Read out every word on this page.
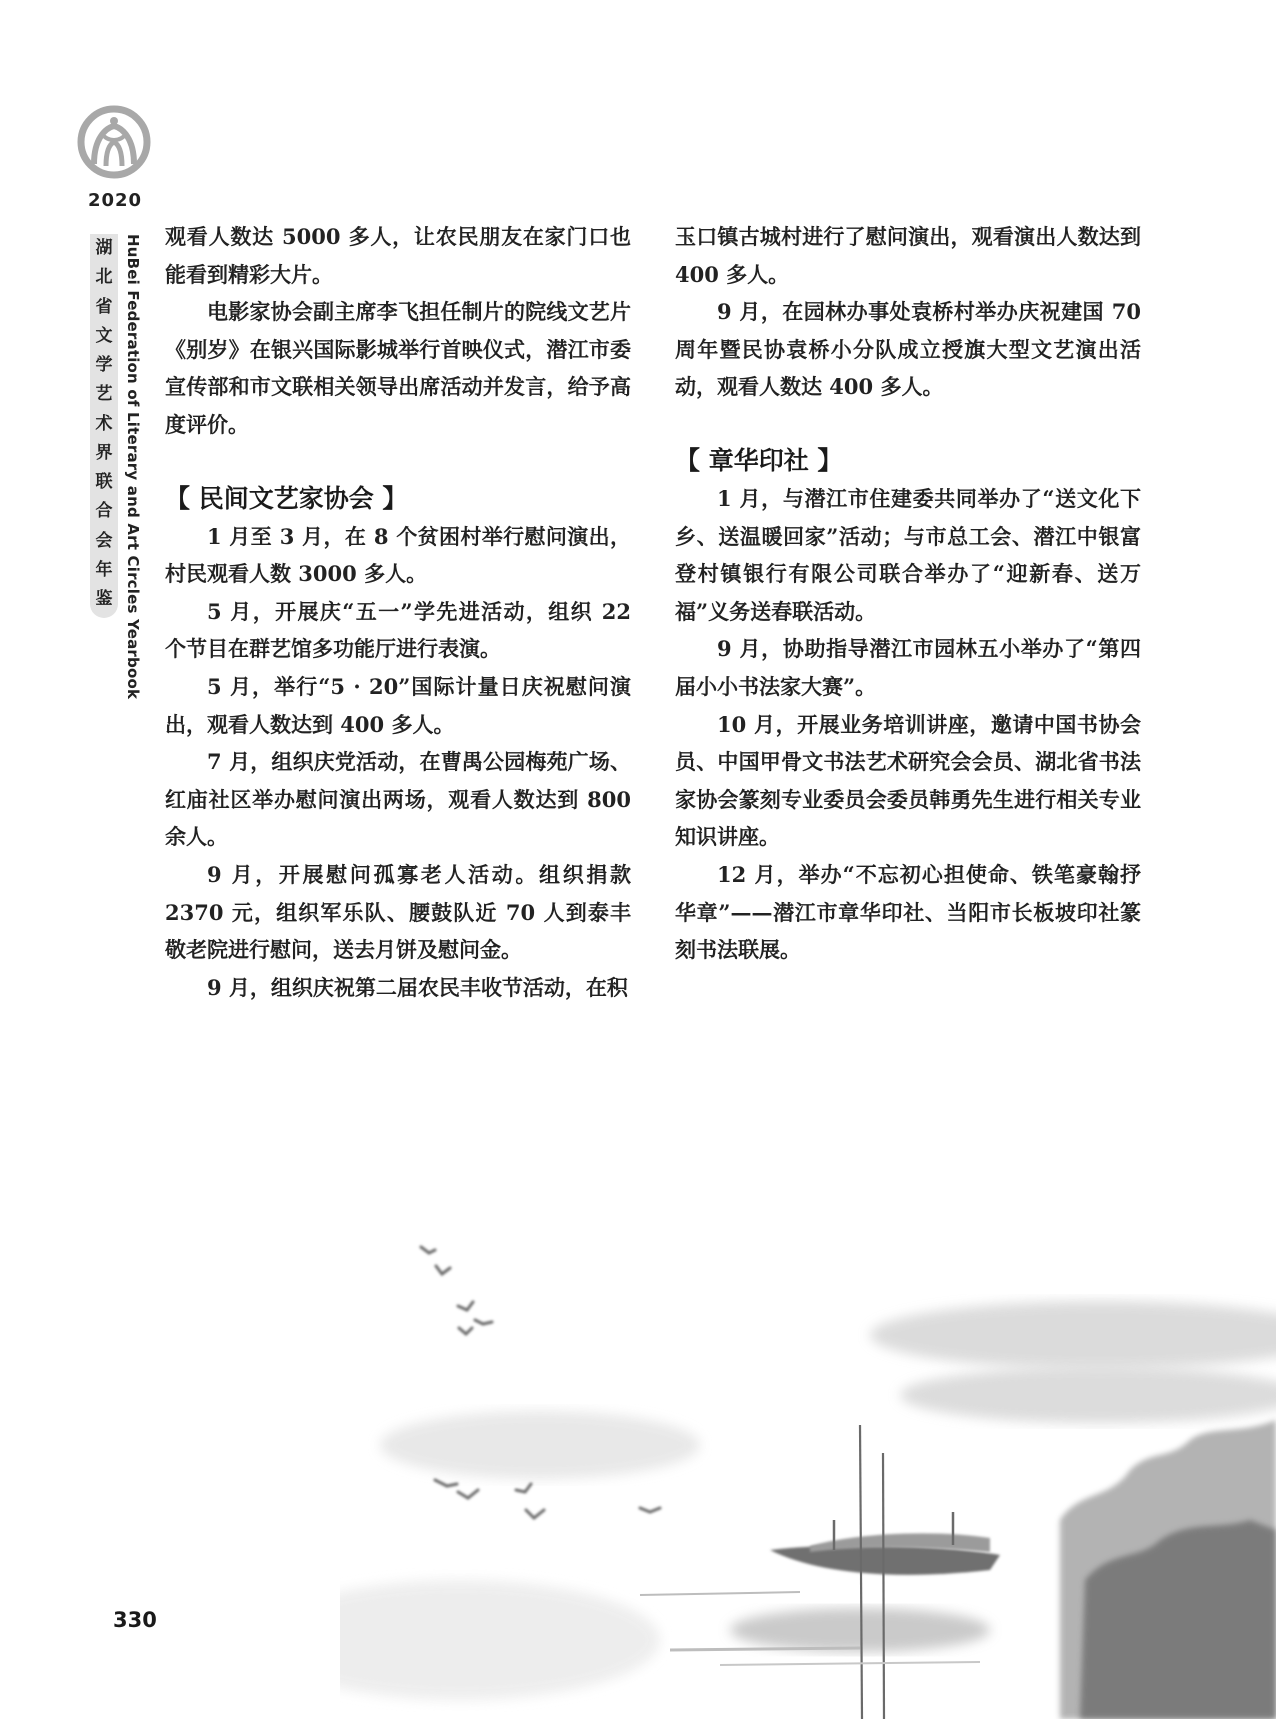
2020
湖
北
省
文
学
艺
术
界
联
合
会
年
鉴 HuBei Federation of Literary and Art Circles Yearbook 观看人数达 5000 多人，让农民朋友在家门口也能看到精彩大片。

电影家协会副主席李飞担任制片的院线文艺片《别岁》在银兴国际影城举行首映仪式，潜江市委宣传部和市文联相关领导出席活动并发言，给予高度评价。

【 民间文艺家协会 】

1 月至 3 月，在 8 个贫困村举行慰问演出，村民观看人数 3000 多人。

5 月，开展庆“五一”学先进活动，组织 22 个节目在群艺馆多功能厅进行表演。

5 月，举行“5 · 20”国际计量日庆祝慰问演出，观看人数达到 400 多人。

7 月，组织庆党活动，在曹禺公园梅苑广场、红庙社区举办慰问演出两场，观看人数达到 800 余人。

9 月，开展慰问孤寡老人活动。组织捐款 2370 元，组织军乐队、腰鼓队近 70 人到泰丰敬老院进行慰问，送去月饼及慰问金。

9 月，组织庆祝第二届农民丰收节活动，在积

玉口镇古城村进行了慰问演出，观看演出人数达到 400 多人。

9 月，在园林办事处袁桥村举办庆祝建国 70 周年暨民协袁桥小分队成立授旗大型文艺演出活动，观看人数达 400 多人。

【 章华印社 】

1 月，与潜江市住建委共同举办了“送文化下乡、送温暖回家”活动；与市总工会、潜江中银富登村镇银行有限公司联合举办了“迎新春、送万福”义务送春联活动。

9 月，协助指导潜江市园林五小举办了“第四届小小书法家大赛”。

10 月，开展业务培训讲座，邀请中国书协会员、中国甲骨文书法艺术研究会会员、湖北省书法家协会篆刻专业委员会委员韩勇先生进行相关专业知识讲座。

12 月，举办“不忘初心担使命、铁笔豪翰抒华章”——潜江市章华印社、当阳市长板坡印社篆刻书法联展。

330
